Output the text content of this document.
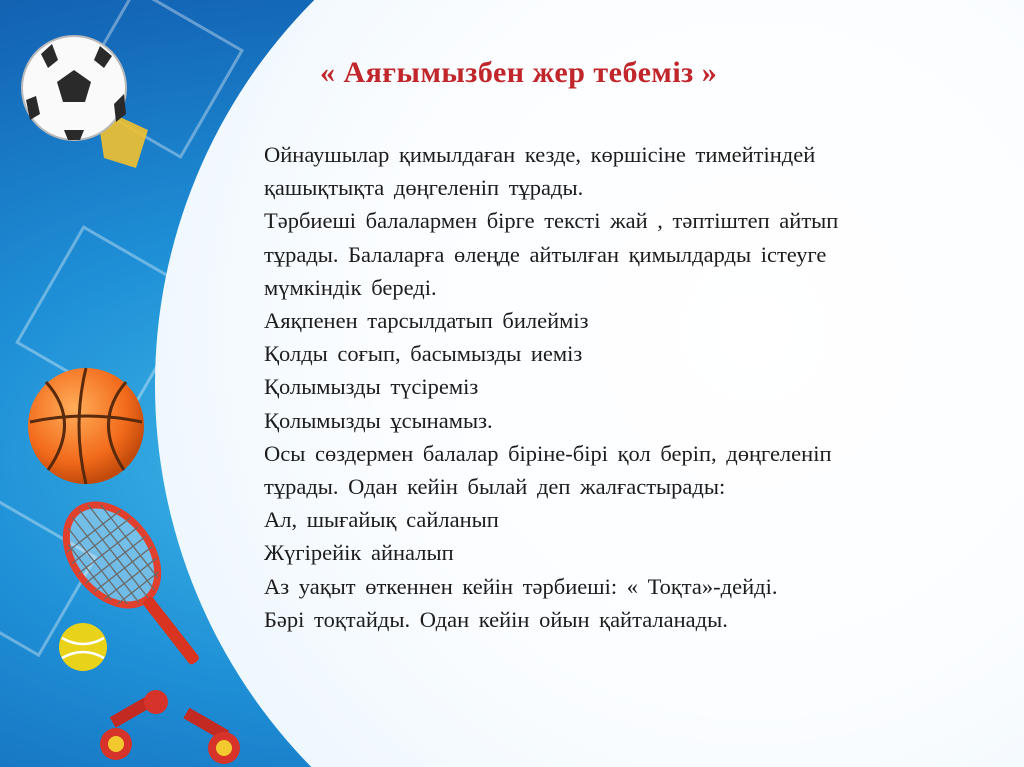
« Аяғымызбен жер тебеміз »
Ойнаушылар қимылдаған кезде, көршісіне тимейтіндей
қашықтықта дөңгеленіп тұрады.
Тәрбиеші балалармен бірге тексті жай , тәптіштеп айтып
тұрады. Балаларға өлеңде айтылған қимылдарды істеуге
мүмкіндік береді.
Аяқпенен тарсылдатып билейміз
Қолды соғып, басымызды иеміз
Қолымызды түсіреміз
Қолымызды ұсынамыз.
Осы сөздермен балалар біріне-бірі қол беріп, дөңгеленіп
тұрады. Одан кейін былай деп жалғастырады:
Ал, шығайық сайланып
Жүгірейік айналып
Аз уақыт өткеннен кейін тәрбиеші: « Тоқта»-дейді.
Бәрі тоқтайды. Одан кейін ойын қайталанады.
